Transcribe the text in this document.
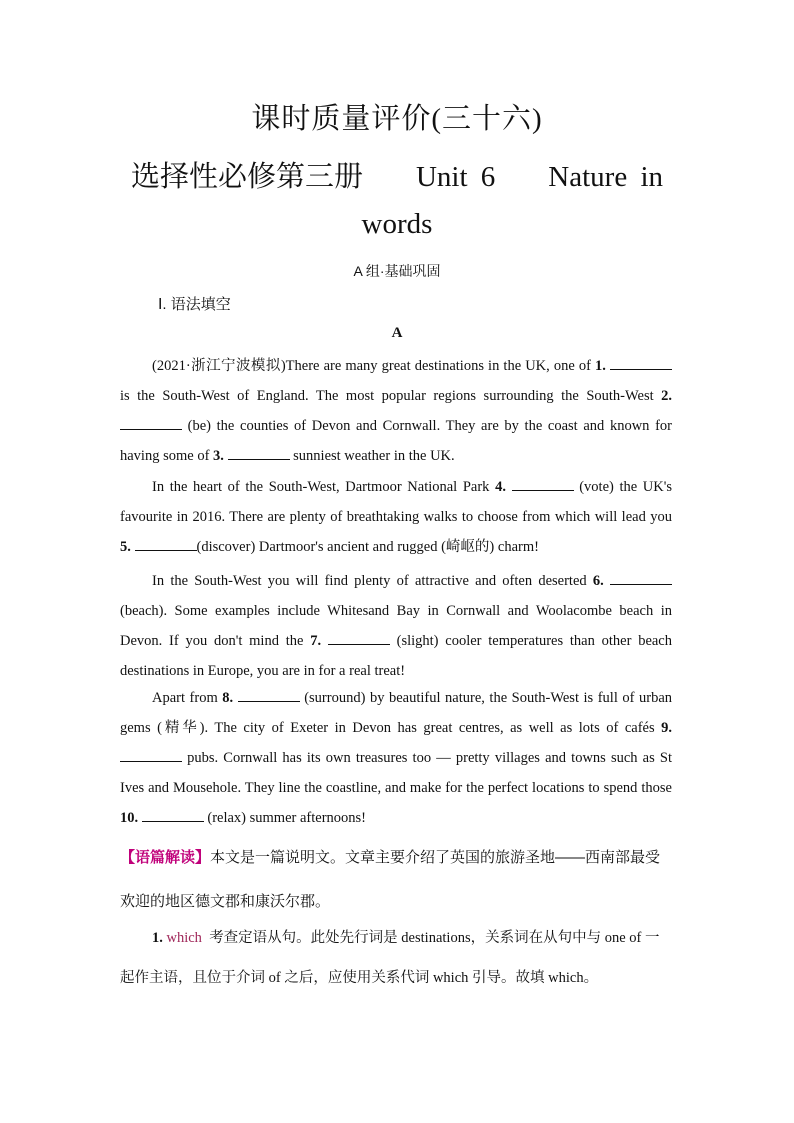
课时质量评价(三十六)
选择性必修第三册    Unit 6    Nature in
words
A 组·基础巩固
Ⅰ. 语法填空
A
(2021·浙江宁波模拟)There are many great destinations in the UK, one of 1.  is the South-West of England. The most popular regions surrounding the South-West 2.  (be) the counties of Devon and Cornwall. They are by the coast and known for having some of 3.	sunniest weather in the UK.
In the heart of the South-West, Dartmoor National Park 4.	(vote) the UK's favourite in 2016. There are plenty of breathtaking walks to choose from which will lead you 5.	(discover) Dartmoor's ancient and rugged (崎岖的) charm!
In the South-West you will find plenty of attractive and often deserted 6.  (beach). Some examples include Whitesand Bay in Cornwall and Woolacombe beach in Devon. If you don't mind the 7.	(slight) cooler temperatures than other beach destinations in Europe, you are in for a real treat!
Apart from 8.	(surround) by beautiful nature, the South-West is full of urban gems (精华). The city of Exeter in Devon has great centres, as well as lots of cafés 9.  pubs. Cornwall has its own treasures too — pretty villages and towns such as St Ives and Mousehole. They line the coastline, and make for the perfect locations to spend those 10.	(relax) summer afternoons!
【语篇解读】本文是一篇说明文。文章主要介绍了英国的旅游圣地——西南部最受欢迎的地区德文郡和康沃尔郡。
1. which  考查定语从句。此处先行词是 destinations，关系词在从句中与 one of 一起作主语，且位于介词 of 之后，应使用关系代词 which 引导。故填 which。
